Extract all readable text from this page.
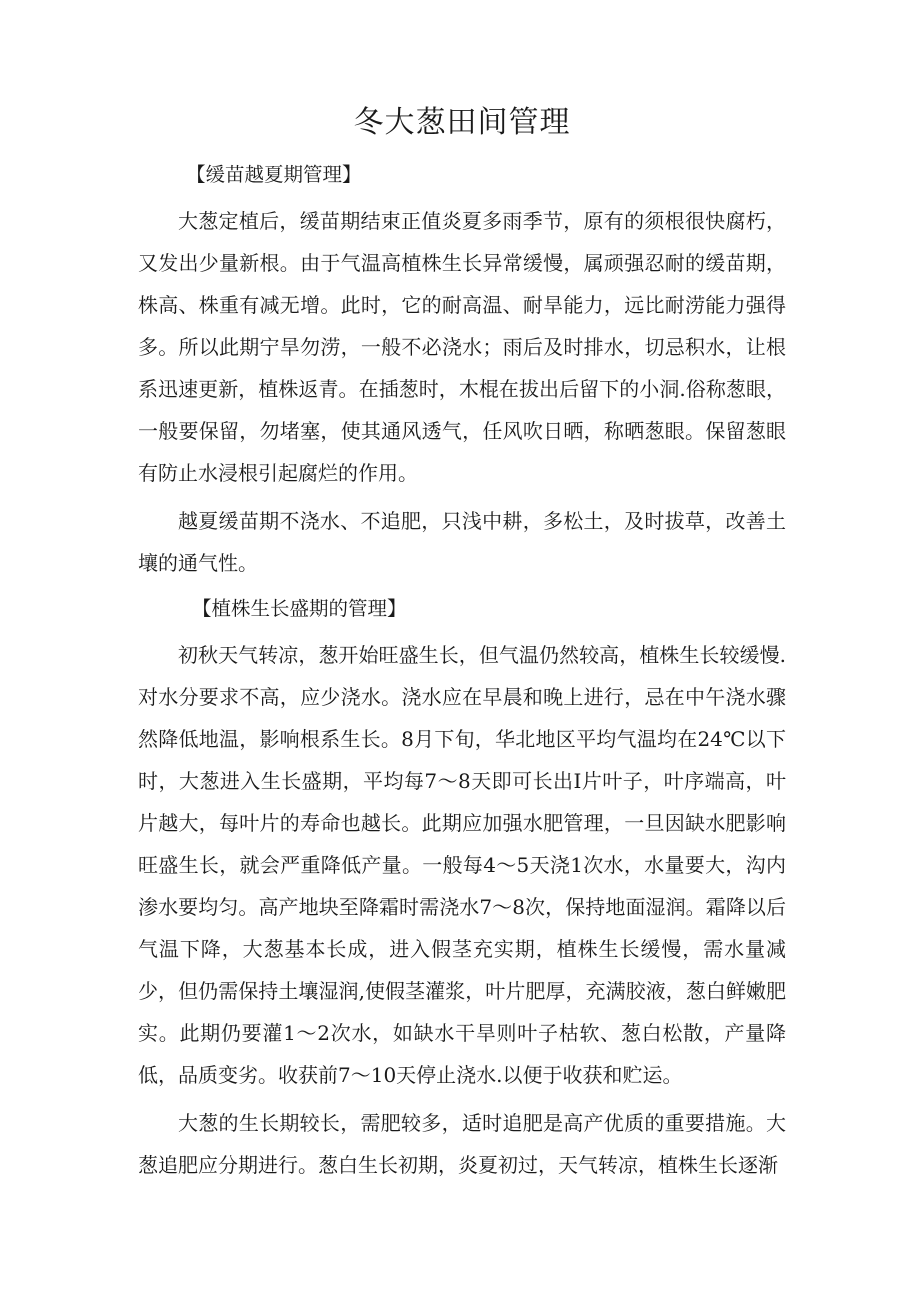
冬大葱田间管理
【缓苗越夏期管理】

大葱定植后，缓苗期结束正值炎夏多雨季节，原有的须根很快腐朽，又发出少量新根。由于气温高植株生长异常缓慢，属顽强忍耐的缓苗期，株高、株重有减无增。此时，它的耐高温、耐旱能力，远比耐涝能力强得多。所以此期宁旱勿涝，一般不必浇水；雨后及时排水，切忌积水，让根系迅速更新，植株返青。在插葱时，木棍在拔出后留下的小洞.俗称葱眼，一般要保留，勿堵塞，使其通风透气，任风吹日晒，称晒葱眼。保留葱眼有防止水浸根引起腐烂的作用。

越夏缓苗期不浇水、不追肥，只浅中耕，多松土，及时拔草，改善土壤的通气性。

【植株生长盛期的管理】

初秋天气转凉，葱开始旺盛生长，但气温仍然较高，植株生长较缓慢.对水分要求不高，应少浇水。浇水应在早晨和晚上进行，忌在中午浇水骤然降低地温，影响根系生长。8月下旬，华北地区平均气温均在24℃以下时，大葱进入生长盛期，平均每7～8天即可长出I片叶子，叶序端高，叶片越大，每叶片的寿命也越长。此期应加强水肥管理，一旦因缺水肥影响旺盛生长，就会严重降低产量。一般每4～5天浇1次水，水量要大，沟内渗水要均匀。高产地块至降霜时需浇水7～8次，保持地面湿润。霜降以后气温下降，大葱基本长成，进入假茎充实期，植株生长缓慢，需水量减少，但仍需保持土壤湿润,使假茎灌浆，叶片肥厚，充满胶液，葱白鲜嫩肥实。此期仍要灌1～2次水，如缺水干旱则叶子枯软、葱白松散，产量降低，品质变劣。收获前7～10天停止浇水.以便于收获和贮运。

大葱的生长期较长，需肥较多，适时追肥是高产优质的重要措施。大葱追肥应分期进行。葱白生长初期，炎夏初过，天气转凉，植株生长逐渐
